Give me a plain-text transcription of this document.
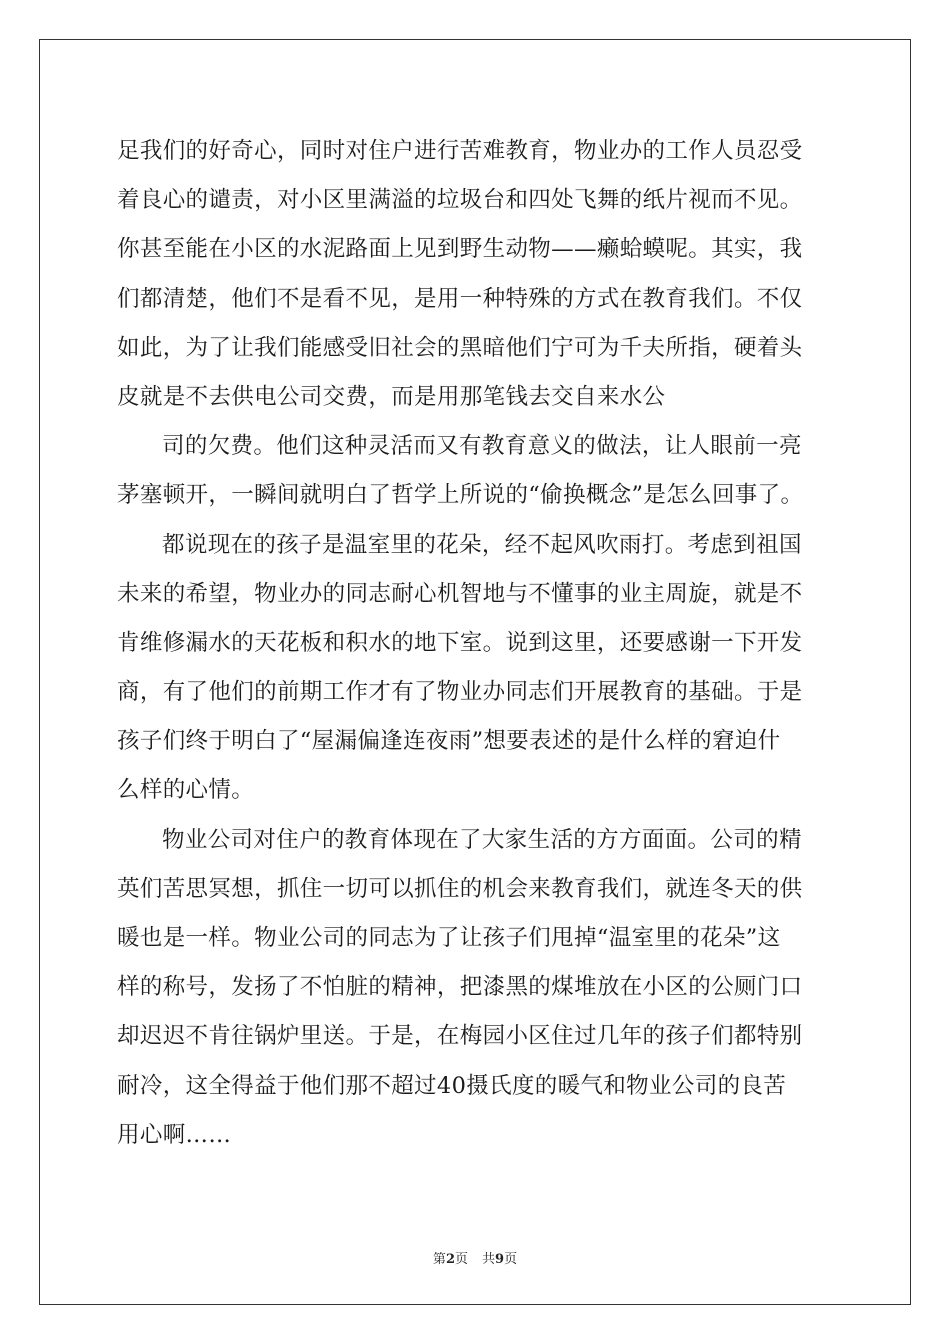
足我们的好奇心，同时对住户进行苦难教育，物业办的工作人员忍受
着良心的谴责，对小区里满溢的垃圾台和四处飞舞的纸片视而不见。
你甚至能在小区的水泥路面上见到野生动物——癞蛤蟆呢。其实，我
们都清楚，他们不是看不见，是用一种特殊的方式在教育我们。不仅
如此，为了让我们能感受旧社会的黑暗他们宁可为千夫所指，硬着头
皮就是不去供电公司交费，而是用那笔钱去交自来水公
司的欠费。他们这种灵活而又有教育意义的做法，让人眼前一亮
茅塞顿开，一瞬间就明白了哲学上所说的“偷换概念”是怎么回事了。
都说现在的孩子是温室里的花朵，经不起风吹雨打。考虑到祖国
未来的希望，物业办的同志耐心机智地与不懂事的业主周旋，就是不
肯维修漏水的天花板和积水的地下室。说到这里，还要感谢一下开发
商，有了他们的前期工作才有了物业办同志们开展教育的基础。于是
孩子们终于明白了“屋漏偏逢连夜雨”想要表述的是什么样的窘迫什
么样的心情。
物业公司对住户的教育体现在了大家生活的方方面面。公司的精
英们苦思冥想，抓住一切可以抓住的机会来教育我们，就连冬天的供
暖也是一样。物业公司的同志为了让孩子们甩掉“温室里的花朵”这
样的称号，发扬了不怕脏的精神，把漆黑的煤堆放在小区的公厕门口
却迟迟不肯往锅炉里送。于是，在梅园小区住过几年的孩子们都特别
耐冷，这全得益于他们那不超过40摄氏度的暖气和物业公司的良苦
用心啊……
第2页 共9页
